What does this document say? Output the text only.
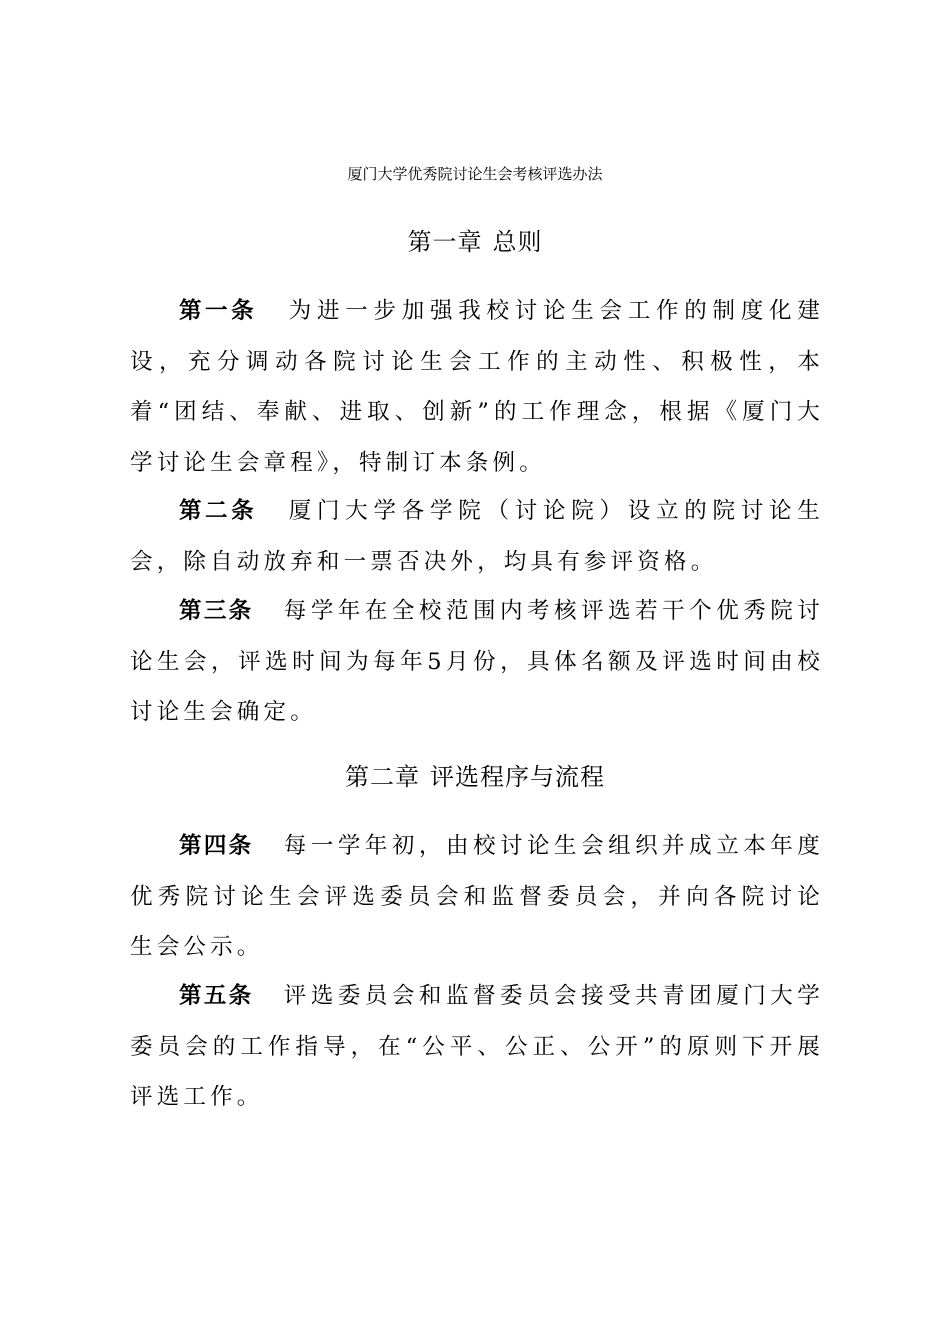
厦门大学优秀院讨论生会考核评选办法
第一章 总则
第一条 为进一步加强我校讨论生会工作的制度化建设，充分调动各院讨论生会工作的主动性、积极性，本着“团结、奉献、进取、创新”的工作理念，根据《厦门大学讨论生会章程》，特制订本条例。
第二条 厦门大学各学院（讨论院）设立的院讨论生会，除自动放弃和一票否决外，均具有参评资格。
第三条 每学年在全校范围内考核评选若干个优秀院讨论生会，评选时间为每年5月份，具体名额及评选时间由校讨论生会确定。
第二章 评选程序与流程
第四条 每一学年初，由校讨论生会组织并成立本年度优秀院讨论生会评选委员会和监督委员会，并向各院讨论生会公示。
第五条 评选委员会和监督委员会接受共青团厦门大学委员会的工作指导，在“公平、公正、公开”的原则下开展评选工作。
